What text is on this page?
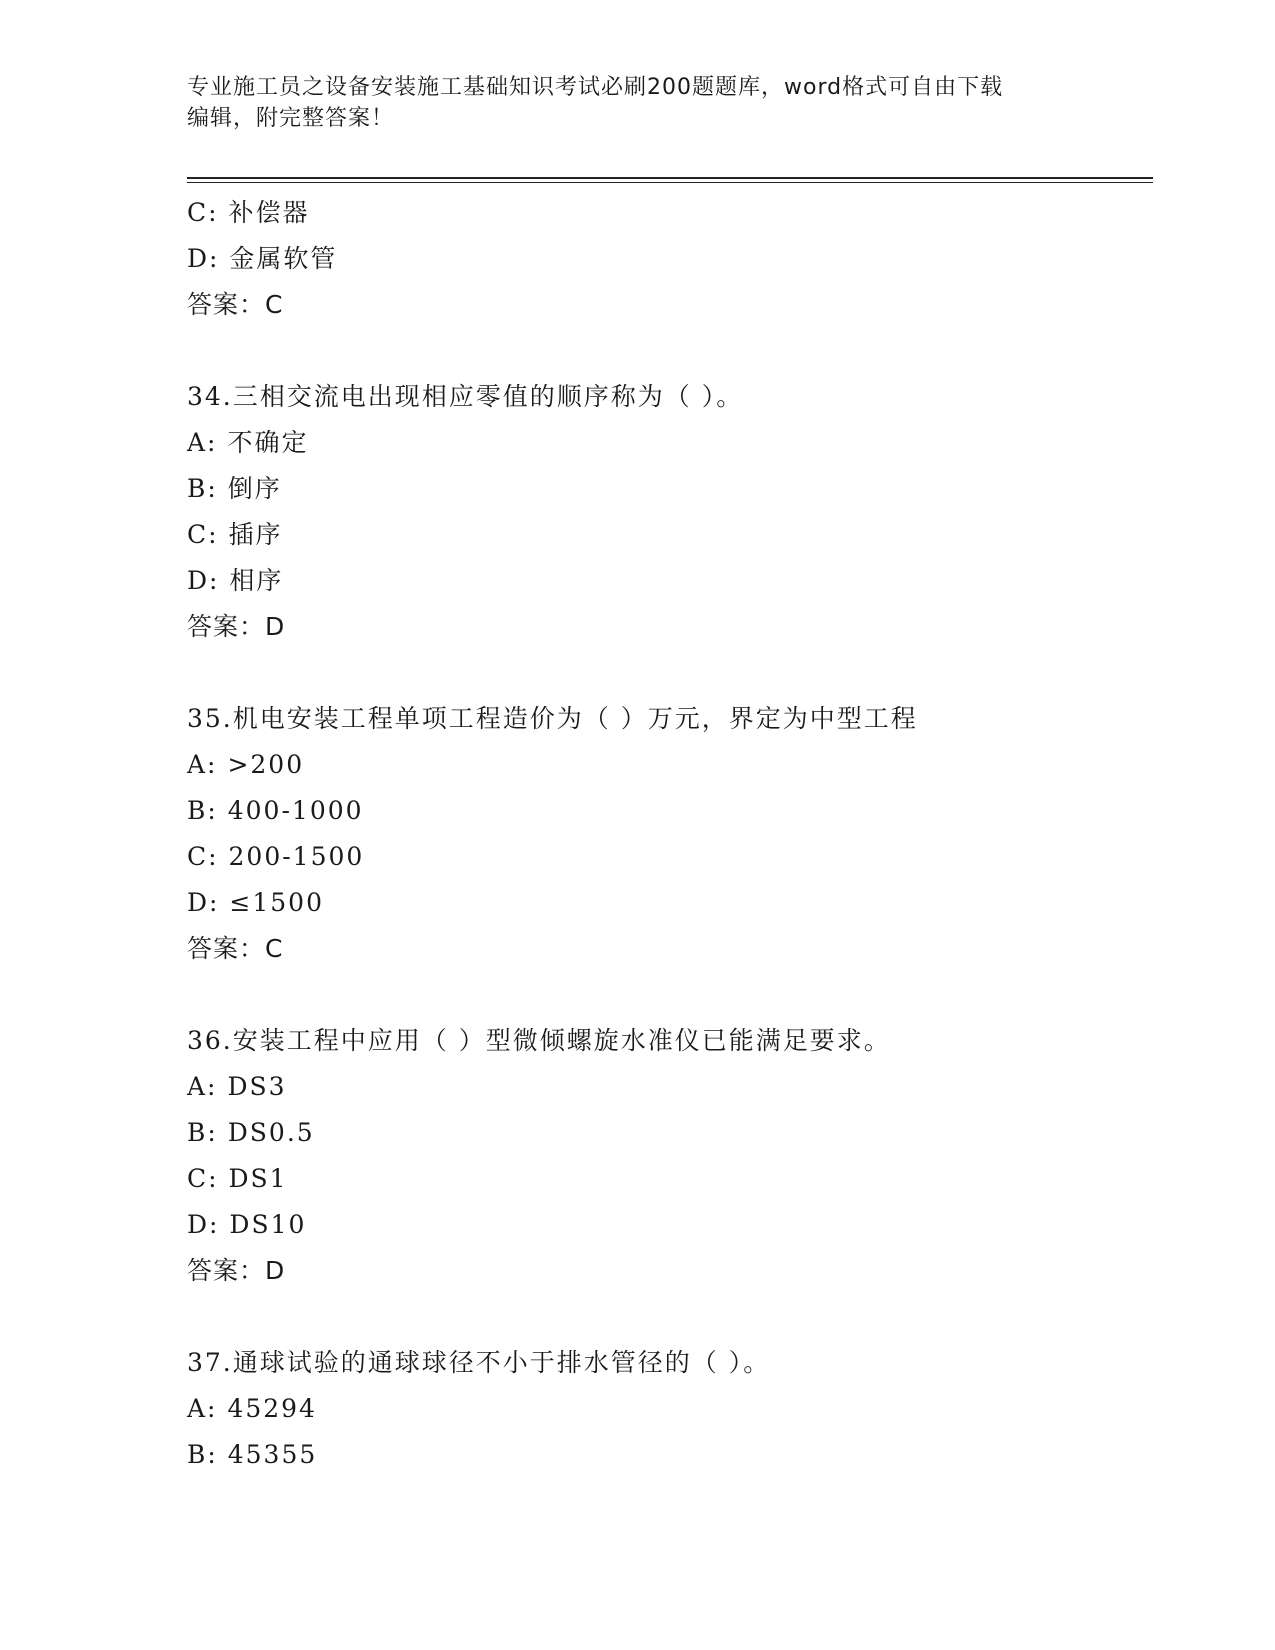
专业施工员之设备安装施工基础知识考试必刷200题题库，word格式可自由下载
编辑，附完整答案！
C: 补偿器
D: 金属软管
答案：C
34.三相交流电出现相应零值的顺序称为（ ）。
A: 不确定
B: 倒序
C: 插序
D: 相序
答案：D
35.机电安装工程单项工程造价为（ ）万元，界定为中型工程
A: >200
B: 400-1000
C: 200-1500
D: ≤1500
答案：C
36.安装工程中应用（ ）型微倾螺旋水准仪已能满足要求。
A: DS3
B: DS0.5
C: DS1
D: DS10
答案：D
37.通球试验的通球球径不小于排水管径的（ ）。
A: 45294
B: 45355
